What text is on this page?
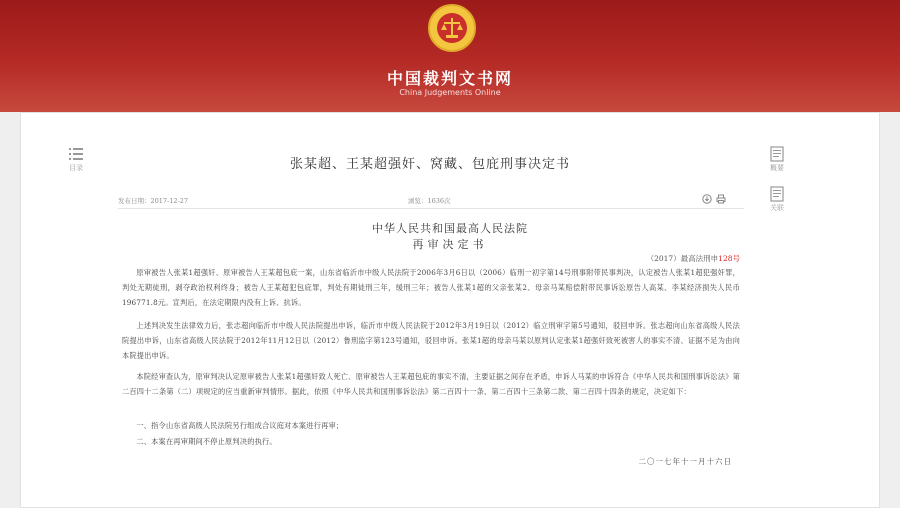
中国裁判文书网
China Judgements Online
目录	概要
关联
张某超、王某超强奸、窝藏、包庇刑事决定书
发布日期：2017-12-27	浏览：1636次
中华人民共和国最高人民法院
再审决定书
（2017）最高法刑申128号

原审被告人张某1超强奸、原审被告人王某超包庇一案，山东省临沂市中级人民法院于2006年3月6日以（2006）临刑一初字第14号刑事附带民事判决，认定被告人张某1超犯强奸罪，判处无期徒刑，剥夺政治权利终身；被告人王某超犯包庇罪，判处有期徒刑三年，缓刑三年；被告人张某1超的父亲张某2、母亲马某赔偿附带民事诉讼原告人高某、李某经济损失人民币196771.8元。宣判后，在法定期限内没有上诉、抗诉。

上述判决发生法律效力后，张志超向临沂市中级人民法院提出申诉，临沂市中级人民法院于2012年3月19日以（2012）临立刑审字第5号通知，驳回申诉。张志超向山东省高级人民法院提出申诉，山东省高级人民法院于2012年11月12日以（2012）鲁刑监字第123号通知，驳回申诉。张某1超的母亲马某以原判认定张某1超强奸致死被害人的事实不清、证据不足为由向本院提出申诉。

本院经审查认为，原审判决认定原审被告人张某1超强奸致人死亡、原审被告人王某超包庇的事实不清，主要证据之间存在矛盾，申诉人马某的申诉符合《中华人民共和国刑事诉讼法》第二百四十二条第（二）项规定的应当重新审判情形。据此，依照《中华人民共和国刑事诉讼法》第二百四十一条、第二百四十三条第二款、第二百四十四条的规定，决定如下：

一、指令山东省高级人民法院另行组成合议庭对本案进行再审；

二、本案在再审期间不停止原判决的执行。

二〇一七年十一月十六日
